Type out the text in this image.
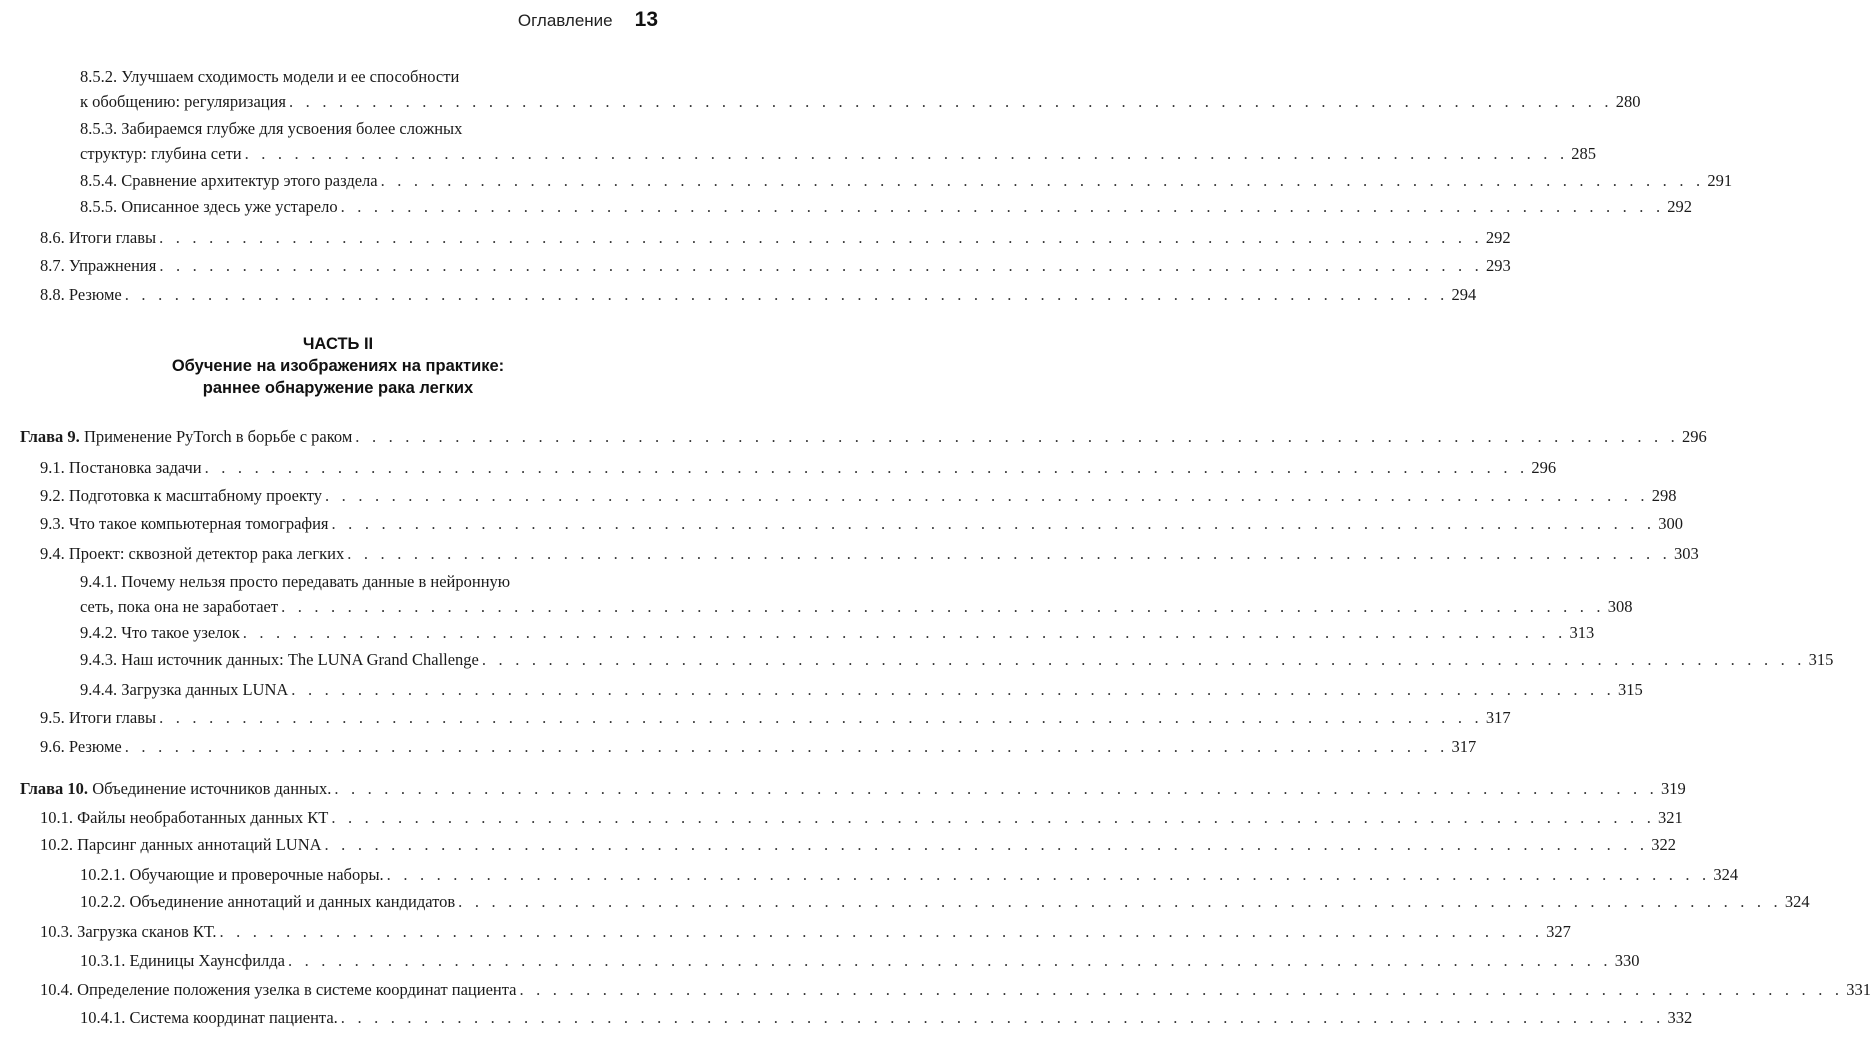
Оглавление 13
ЧАСТЬ II
Обучение на изображениях на практике:
раннее обнаружение рака легких
8.5.2. Улучшаем сходимость модели и ее способности
к обобщению: регуляризация . . . . . . . . . . . . . . . . . . . . . . . . . . . . . . . . . . . . . . . . . . . . . . . . . . . . . . . . . . . . . . . . . . . . . . . . . . . . . . . . 280
8.5.3. Забираемся глубже для усвоения более сложных
структур: глубина сети . . . . . . . . . . . . . . . . . . . . . . . . . . . . . . . . . . . . . . . . . . . . . . . . . . . . . . . . . . . . . . . . . . . . . . . . . . . . . . . . 285
8.5.4. Сравнение архитектур этого раздела . . . . . . . . . . . . . . . . . . . . . . . . . . . . . . . . . . . . . . . . . . . . . . . . . . . . . . . . . . . . . . . . . . . . . . . . . . . . . . . . 291
8.5.5. Описанное здесь уже устарело . . . . . . . . . . . . . . . . . . . . . . . . . . . . . . . . . . . . . . . . . . . . . . . . . . . . . . . . . . . . . . . . . . . . . . . . . . . . . . . . 292
8.6. Итоги главы . . . . . . . . . . . . . . . . . . . . . . . . . . . . . . . . . . . . . . . . . . . . . . . . . . . . . . . . . . . . . . . . . . . . . . . . . . . . . . . . 292
8.7. Упражнения . . . . . . . . . . . . . . . . . . . . . . . . . . . . . . . . . . . . . . . . . . . . . . . . . . . . . . . . . . . . . . . . . . . . . . . . . . . . . . . . 293
8.8. Резюме . . . . . . . . . . . . . . . . . . . . . . . . . . . . . . . . . . . . . . . . . . . . . . . . . . . . . . . . . . . . . . . . . . . . . . . . . . . . . . . . 294
Глава 9.
Применение PyTorch в борьбе с раком . . . . . . . . . . . . . . . . . . . . . . . . . . . . . . . . . . . . . . . . . . . . . . . . . . . . . . . . . . . . . . . . . . . . . . . . . . . . . . . . 296
9.1. Постановка задачи . . . . . . . . . . . . . . . . . . . . . . . . . . . . . . . . . . . . . . . . . . . . . . . . . . . . . . . . . . . . . . . . . . . . . . . . . . . . . . . . 296
9.2. Подготовка к масштабному проекту . . . . . . . . . . . . . . . . . . . . . . . . . . . . . . . . . . . . . . . . . . . . . . . . . . . . . . . . . . . . . . . . . . . . . . . . . . . . . . . . 298
9.3. Что такое компьютерная томография . . . . . . . . . . . . . . . . . . . . . . . . . . . . . . . . . . . . . . . . . . . . . . . . . . . . . . . . . . . . . . . . . . . . . . . . . . . . . . . . 300
9.4. Проект: сквозной детектор рака легких . . . . . . . . . . . . . . . . . . . . . . . . . . . . . . . . . . . . . . . . . . . . . . . . . . . . . . . . . . . . . . . . . . . . . . . . . . . . . . . . 303
9.4.1. Почему нельзя просто передавать данные в нейронную
сеть, пока она не заработает . . . . . . . . . . . . . . . . . . . . . . . . . . . . . . . . . . . . . . . . . . . . . . . . . . . . . . . . . . . . . . . . . . . . . . . . . . . . . . . . 308
9.4.2. Что такое узелок . . . . . . . . . . . . . . . . . . . . . . . . . . . . . . . . . . . . . . . . . . . . . . . . . . . . . . . . . . . . . . . . . . . . . . . . . . . . . . . . 313
9.4.3. Наш источник данных: The LUNA Grand Challenge . . . . . . . . . . . . . . . . . . . . . . . . . . . . . . . . . . . . . . . . . . . . . . . . . . . . . . . . . . . . . . . . . . . . . . . . . . . . . . . . 315
9.4.4. Загрузка данных LUNA . . . . . . . . . . . . . . . . . . . . . . . . . . . . . . . . . . . . . . . . . . . . . . . . . . . . . . . . . . . . . . . . . . . . . . . . . . . . . . . . 315
9.5. Итоги главы . . . . . . . . . . . . . . . . . . . . . . . . . . . . . . . . . . . . . . . . . . . . . . . . . . . . . . . . . . . . . . . . . . . . . . . . . . . . . . . . 317
9.6. Резюме . . . . . . . . . . . . . . . . . . . . . . . . . . . . . . . . . . . . . . . . . . . . . . . . . . . . . . . . . . . . . . . . . . . . . . . . . . . . . . . . 317
Глава 10.
Объединение источников данных. . . . . . . . . . . . . . . . . . . . . . . . . . . . . . . . . . . . . . . . . . . . . . . . . . . . . . . . . . . . . . . . . . . . . . . . . . . . . . . . . 319
10.1. Файлы необработанных данных КТ . . . . . . . . . . . . . . . . . . . . . . . . . . . . . . . . . . . . . . . . . . . . . . . . . . . . . . . . . . . . . . . . . . . . . . . . . . . . . . . . 321
10.2. Парсинг данных аннотаций LUNA . . . . . . . . . . . . . . . . . . . . . . . . . . . . . . . . . . . . . . . . . . . . . . . . . . . . . . . . . . . . . . . . . . . . . . . . . . . . . . . . 322
10.2.1. Обучающие и проверочные наборы. . . . . . . . . . . . . . . . . . . . . . . . . . . . . . . . . . . . . . . . . . . . . . . . . . . . . . . . . . . . . . . . . . . . . . . . . . . . . . . . . 324
10.2.2. Объединение аннотаций и данных кандидатов . . . . . . . . . . . . . . . . . . . . . . . . . . . . . . . . . . . . . . . . . . . . . . . . . . . . . . . . . . . . . . . . . . . . . . . . . . . . . . . . 324
10.3. Загрузка сканов КТ. . . . . . . . . . . . . . . . . . . . . . . . . . . . . . . . . . . . . . . . . . . . . . . . . . . . . . . . . . . . . . . . . . . . . . . . . . . . . . . . . 327
10.3.1. Единицы Хаунсфилда . . . . . . . . . . . . . . . . . . . . . . . . . . . . . . . . . . . . . . . . . . . . . . . . . . . . . . . . . . . . . . . . . . . . . . . . . . . . . . . . 330
10.4. Определение положения узелка в системе координат пациента . . . . . . . . . . . . . . . . . . . . . . . . . . . . . . . . . . . . . . . . . . . . . . . . . . . . . . . . . . . . . . . . . . . . . . . . . . . . . . . . 331
10.4.1. Система координат пациента. . . . . . . . . . . . . . . . . . . . . . . . . . . . . . . . . . . . . . . . . . . . . . . . . . . . . . . . . . . . . . . . . . . . . . . . . . . . . . . . . 332
